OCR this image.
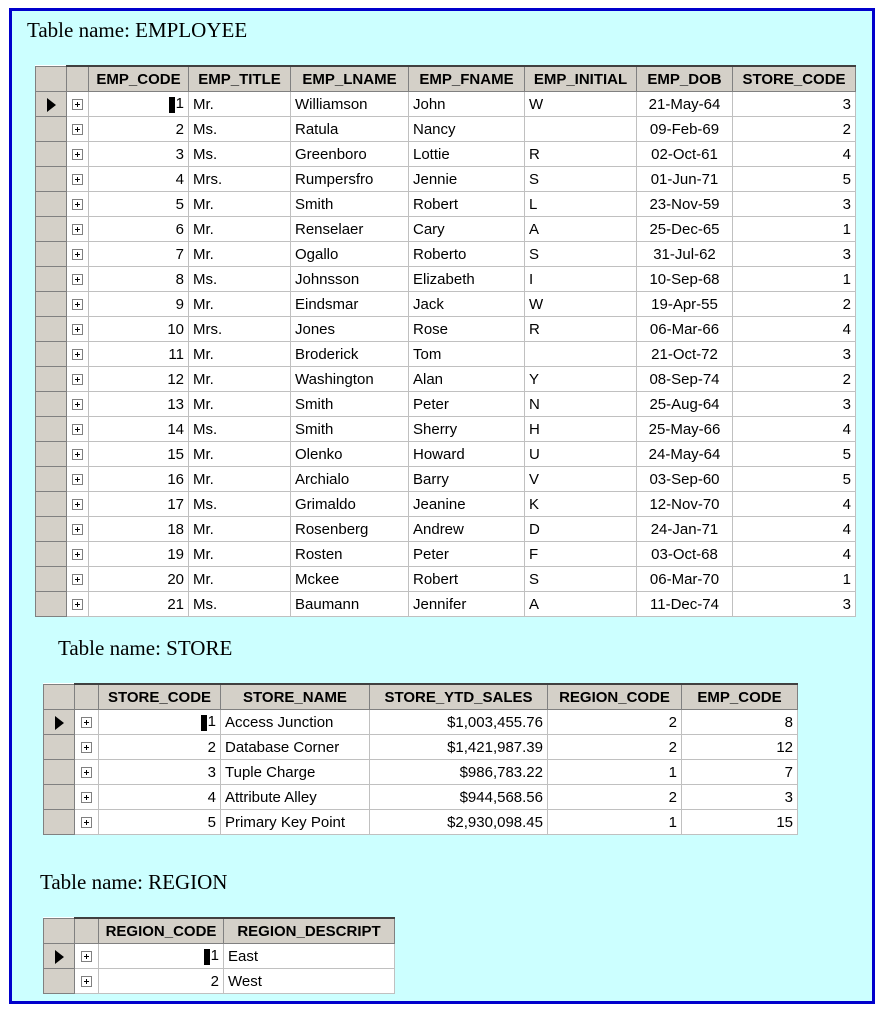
Table name: EMPLOYEE
		EMP_CODE	EMP_TITLE	EMP_LNAME	EMP_FNAME	EMP_INITIAL	EMP_DOB	STORE_CODE
		1	Mr.	Williamson	John	W	21-May-64	3
		2	Ms.	Ratula	Nancy		09-Feb-69	2
		3	Ms.	Greenboro	Lottie	R	02-Oct-61	4
		4	Mrs.	Rumpersfro	Jennie	S	01-Jun-71	5
		5	Mr.	Smith	Robert	L	23-Nov-59	3
		6	Mr.	Renselaer	Cary	A	25-Dec-65	1
		7	Mr.	Ogallo	Roberto	S	31-Jul-62	3
		8	Ms.	Johnsson	Elizabeth	I	10-Sep-68	1
		9	Mr.	Eindsmar	Jack	W	19-Apr-55	2
		10	Mrs.	Jones	Rose	R	06-Mar-66	4
		11	Mr.	Broderick	Tom		21-Oct-72	3
		12	Mr.	Washington	Alan	Y	08-Sep-74	2
		13	Mr.	Smith	Peter	N	25-Aug-64	3
		14	Ms.	Smith	Sherry	H	25-May-66	4
		15	Mr.	Olenko	Howard	U	24-May-64	5
		16	Mr.	Archialo	Barry	V	03-Sep-60	5
		17	Ms.	Grimaldo	Jeanine	K	12-Nov-70	4
		18	Mr.	Rosenberg	Andrew	D	24-Jan-71	4
		19	Mr.	Rosten	Peter	F	03-Oct-68	4
		20	Mr.	Mckee	Robert	S	06-Mar-70	1
		21	Ms.	Baumann	Jennifer	A	11-Dec-74	3
Table name: STORE
		STORE_CODE	STORE_NAME	STORE_YTD_SALES	REGION_CODE	EMP_CODE
		1	Access Junction	$1,003,455.76	2	8
		2	Database Corner	$1,421,987.39	2	12
		3	Tuple Charge	$986,783.22	1	7
		4	Attribute Alley	$944,568.56	2	3
		5	Primary Key Point	$2,930,098.45	1	15
Table name: REGION
		REGION_CODE	REGION_DESCRIPT
		1	East
		2	West
